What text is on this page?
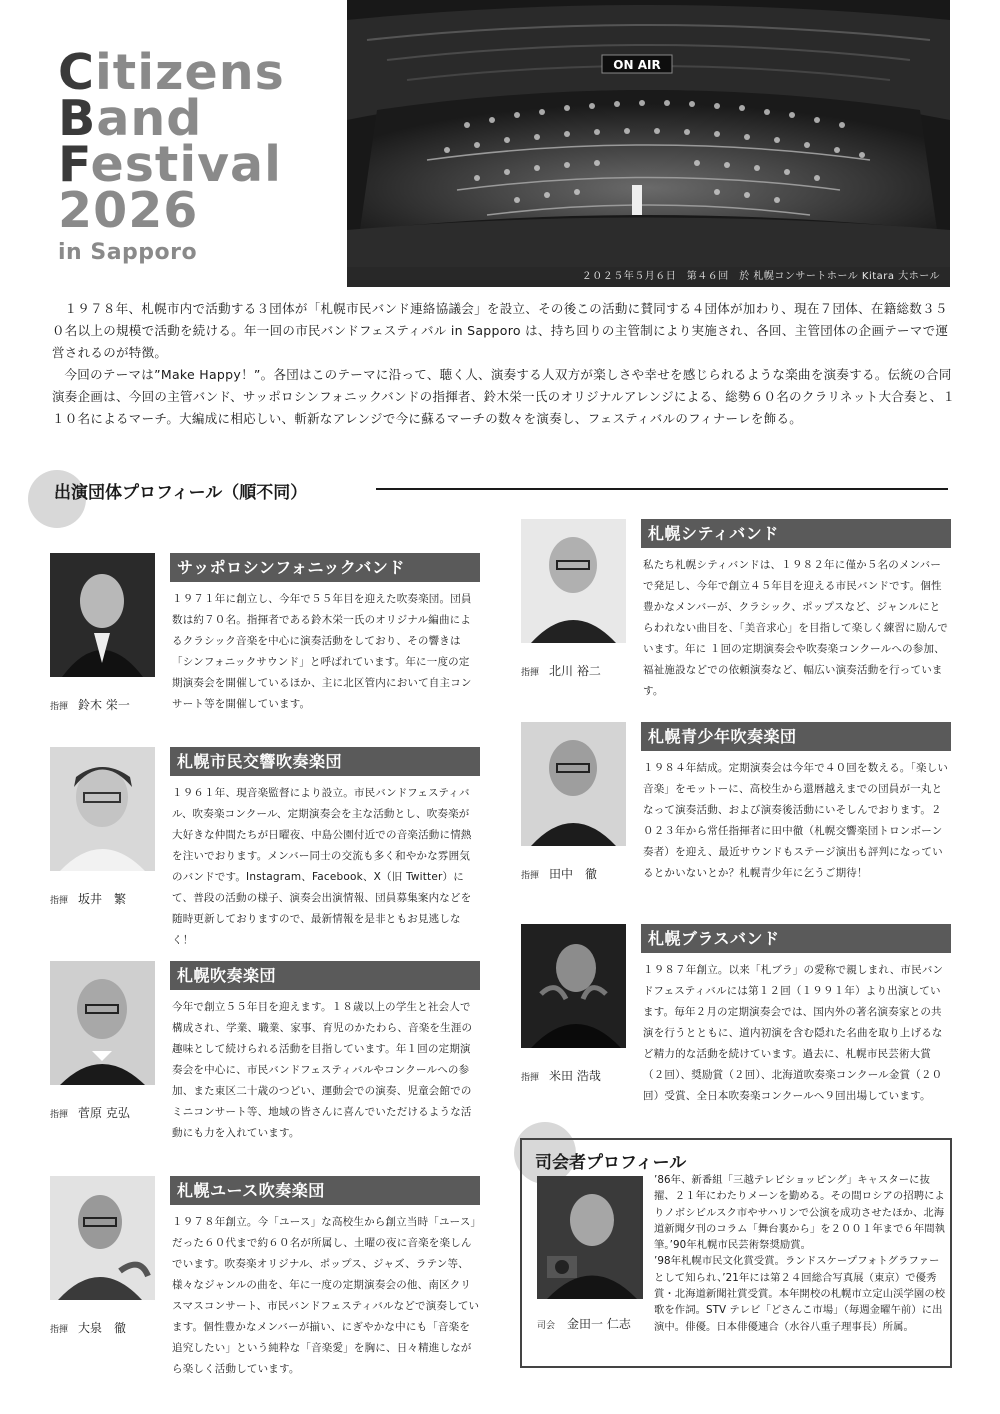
Citizens
Band
Festival
2026
in Sapporo
ON AIR
２０２５年５月６日　第４６回　於 札幌コンサートホール Kitara 大ホール

１９７８年、札幌市内で活動する３団体が「札幌市民バンド連絡協議会」を設立、その後この活動に賛同する４団体が加わり、現在７団体、在籍総数３５０名以上の規模で活動を続ける。年一回の市民バンドフェスティバル in Sapporo は、持ち回りの主管制により実施され、各回、主管団体の企画テーマで運営されるのが特徴。

今回のテーマは”Make Happy！”。各団はこのテーマに沿って、聴く人、演奏する人双方が楽しさや幸せを感じられるような楽曲を演奏する。伝統の合同演奏企画は、今回の主管バンド、サッポロシンフォニックバンドの指揮者、鈴木栄一氏のオリジナルアレンジによる、総勢６０名のクラリネット大合奏と、１１０名によるマーチ。大編成に相応しい、斬新なアレンジで今に蘇るマーチの数々を演奏し、フェスティバルのフィナーレを飾る。

出演団体プロフィール（順不同）
指揮 鈴木 栄一
サッポロシンフォニックバンド
１９７１年に創立し、今年で５５年目を迎えた吹奏楽団。団員数は約７０名。指揮者である鈴木栄一氏のオリジナル編曲によるクラシック音楽を中心に演奏活動をしており、その響きは「シンフォニックサウンド」と呼ばれています。年に一度の定期演奏会を開催しているほか、主に北区管内において自主コンサート等を開催しています。
指揮 坂井　繁
札幌市民交響吹奏楽団
１９６１年、現音楽監督により設立。市民バンドフェスティバル、吹奏楽コンクール、定期演奏会を主な活動とし、吹奏楽が大好きな仲間たちが日曜夜、中島公園付近での音楽活動に情熱を注いでおります。メンバー同士の交流も多く和やかな雰囲気のバンドです。Instagram、Facebook、X（旧 Twitter）にて、普段の活動の様子、演奏会出演情報、団員募集案内などを随時更新しておりますので、最新情報を是非ともお見逃しなく！
指揮 菅原 克弘
札幌吹奏楽団
今年で創立５５年目を迎えます。１８歳以上の学生と社会人で構成され、学業、職業、家事、育児のかたわら、音楽を生涯の趣味として続けられる活動を目指しています。年１回の定期演奏会を中心に、市民バンドフェスティバルやコンクールへの参加、また東区二十歳のつどい、運動会での演奏、児童会館でのミニコンサート等、地域の皆さんに喜んでいただけるような活動にも力を入れています。
指揮 大泉　徹
札幌ユース吹奏楽団
１９７８年創立。今「ユース」な高校生から創立当時「ユース」だった６０代まで約６０名が所属し、土曜の夜に音楽を楽しんでいます。吹奏楽オリジナル、ポップス、ジャズ、ラテン等、様々なジャンルの曲を、年に一度の定期演奏会の他、南区クリスマスコンサート、市民バンドフェスティバルなどで演奏しています。個性豊かなメンバーが揃い、にぎやかな中にも「音楽を追究したい」という純粋な「音楽愛」を胸に、日々精進しながら楽しく活動しています。
指揮 北川 裕二
札幌シティバンド
私たち札幌シティバンドは、１９８２年に僅か５名のメンバーで発足し、今年で創立４５年目を迎える市民バンドです。個性豊かなメンバーが、クラシック、ポップスなど、ジャンルにとらわれない曲目を、「美音求心」を目指して楽しく練習に励んでいます。年に １回の定期演奏会や吹奏楽コンクールへの参加、福祉施設などでの依頼演奏など、幅広い演奏活動を行っています。
指揮 田中　徹
札幌青少年吹奏楽団
１９８４年結成。定期演奏会は今年で４０回を数える。「楽しい音楽」をモットーに、高校生から還暦越えまでの団員が一丸となって演奏活動、および演奏後活動にいそしんでおります。２０２３年から常任指揮者に田中徹（札幌交響楽団トロンボーン奏者）を迎え、最近サウンドもステージ演出も評判になっているとかいないとか？札幌青少年に乞うご期待！
指揮 米田 浩哉
札幌ブラスバンド
１９８７年創立。以来「札ブラ」の愛称で親しまれ、市民バンドフェスティバルには第１２回（１９９１年）より出演しています。毎年２月の定期演奏会では、国内外の著名演奏家との共演を行うとともに、道内初演を含む隠れた名曲を取り上げるなど精力的な活動を続けています。過去に、札幌市民芸術大賞（２回）、奨励賞（２回）、北海道吹奏楽コンクール金賞（２０回）受賞、全日本吹奏楽コンクールへ９回出場しています。
司会者プロフィール
司会 金田一 仁志
’86年、新番組「三越テレビショッピング」キャスターに抜擢、２１年にわたりメーンを勤める。その間ロシアの招聘によりノボシビルスク市やサハリンで公演を成功させたほか、北海道新聞夕刊のコラム「舞台裏から」を２００１年まで６年間執筆。’90年札幌市民芸術祭奨励賞。
’98年札幌市民文化賞受賞。ランドスケープフォトグラファーとして知られ、’21年には第２４回総合写真展（東京）で優秀賞・北海道新聞社賞受賞。本年開校の札幌市立定山渓学園の校歌を作詞。STV テレビ「どさんこ市場」（毎週金曜午前）に出演中。俳優。日本俳優連合（水谷八重子理事長）所属。
